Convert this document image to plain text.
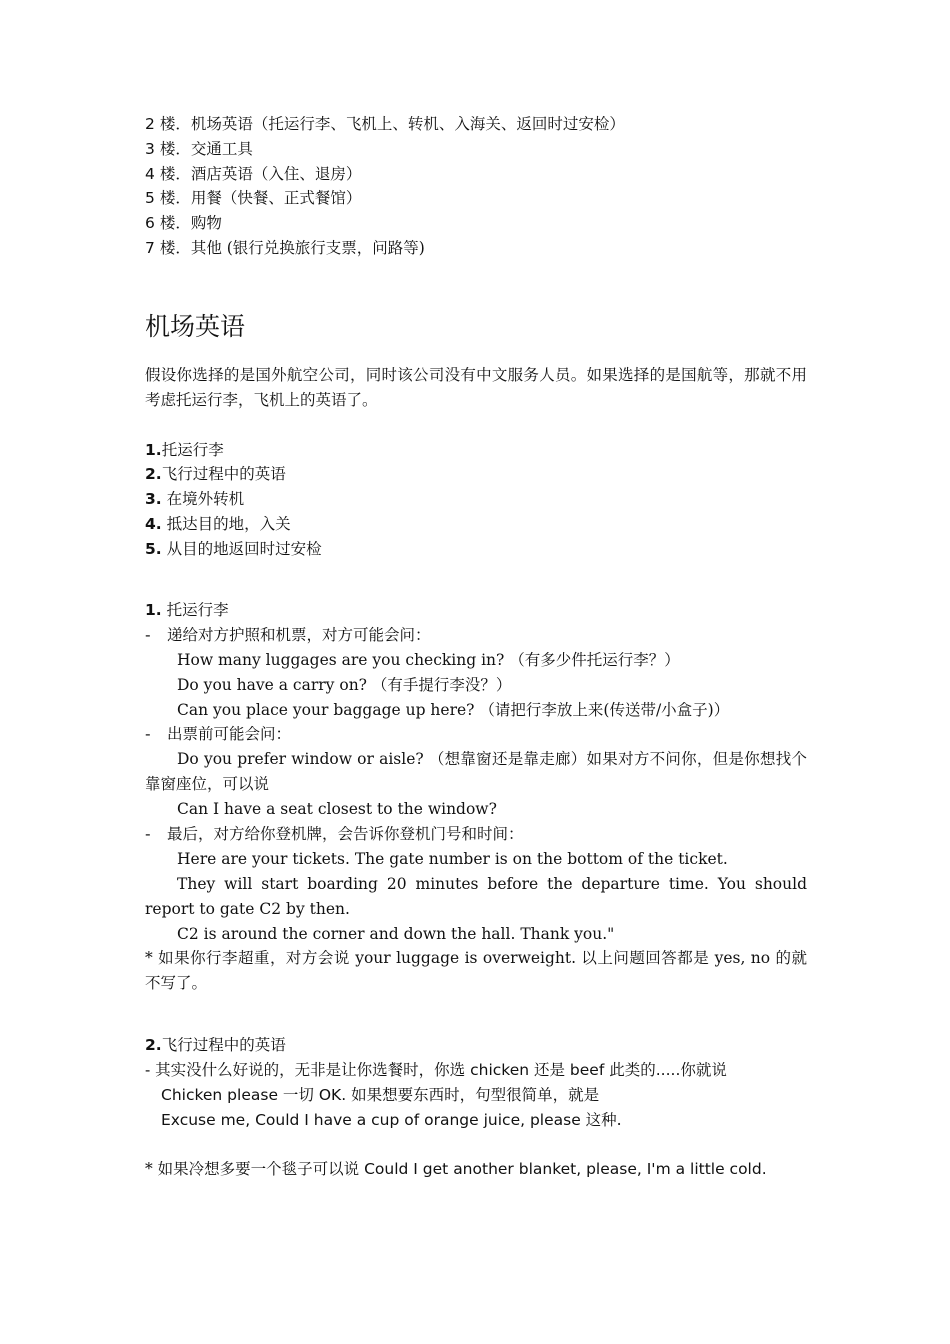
2 楼．机场英语（托运行李、飞机上、转机、入海关、返回时过安检）

3 楼．交通工具

4 楼．酒店英语（入住、退房）

5 楼．用餐（快餐、正式餐馆）

6 楼．购物

7 楼．其他 (银行兑换旅行支票，问路等)

机场英语

假设你选择的是国外航空公司，同时该公司没有中文服务人员。如果选择的是国航等，那就不用考虑托运行李，飞机上的英语了。

1.托运行李

2.飞行过程中的英语

3. 在境外转机

4. 抵达目的地，入关

5. 从目的地返回时过安检

1. 托运行李

- 递给对方护照和机票，对方可能会问：

How many luggages are you checking in? （有多少件托运行李？）

Do you have a carry on? （有手提行李没？）

Can you place your baggage up here? （请把行李放上来(传送带/小盒子)）

- 出票前可能会问：

Do you prefer window or aisle? （想靠窗还是靠走廊）如果对方不问你，但是你想找个靠窗座位，可以说

Can I have a seat closest to the window?

- 最后，对方给你登机牌，会告诉你登机门号和时间：

Here are your tickets. The gate number is on the bottom of the ticket.

They will start boarding 20 minutes before the departure time. You should report to gate C2 by then.

C2 is around the corner and down the hall. Thank you."

* 如果你行李超重，对方会说 your luggage is overweight. 以上问题回答都是 yes, no 的就不写了。

2.飞行过程中的英语

- 其实没什么好说的，无非是让你选餐时，你选 chicken 还是 beef 此类的.....你就说

Chicken please 一切 OK. 如果想要东西时，句型很简单，就是

Excuse me, Could I have a cup of orange juice, please 这种.

* 如果冷想多要一个毯子可以说 Could I get another blanket, please, I'm a little cold.
